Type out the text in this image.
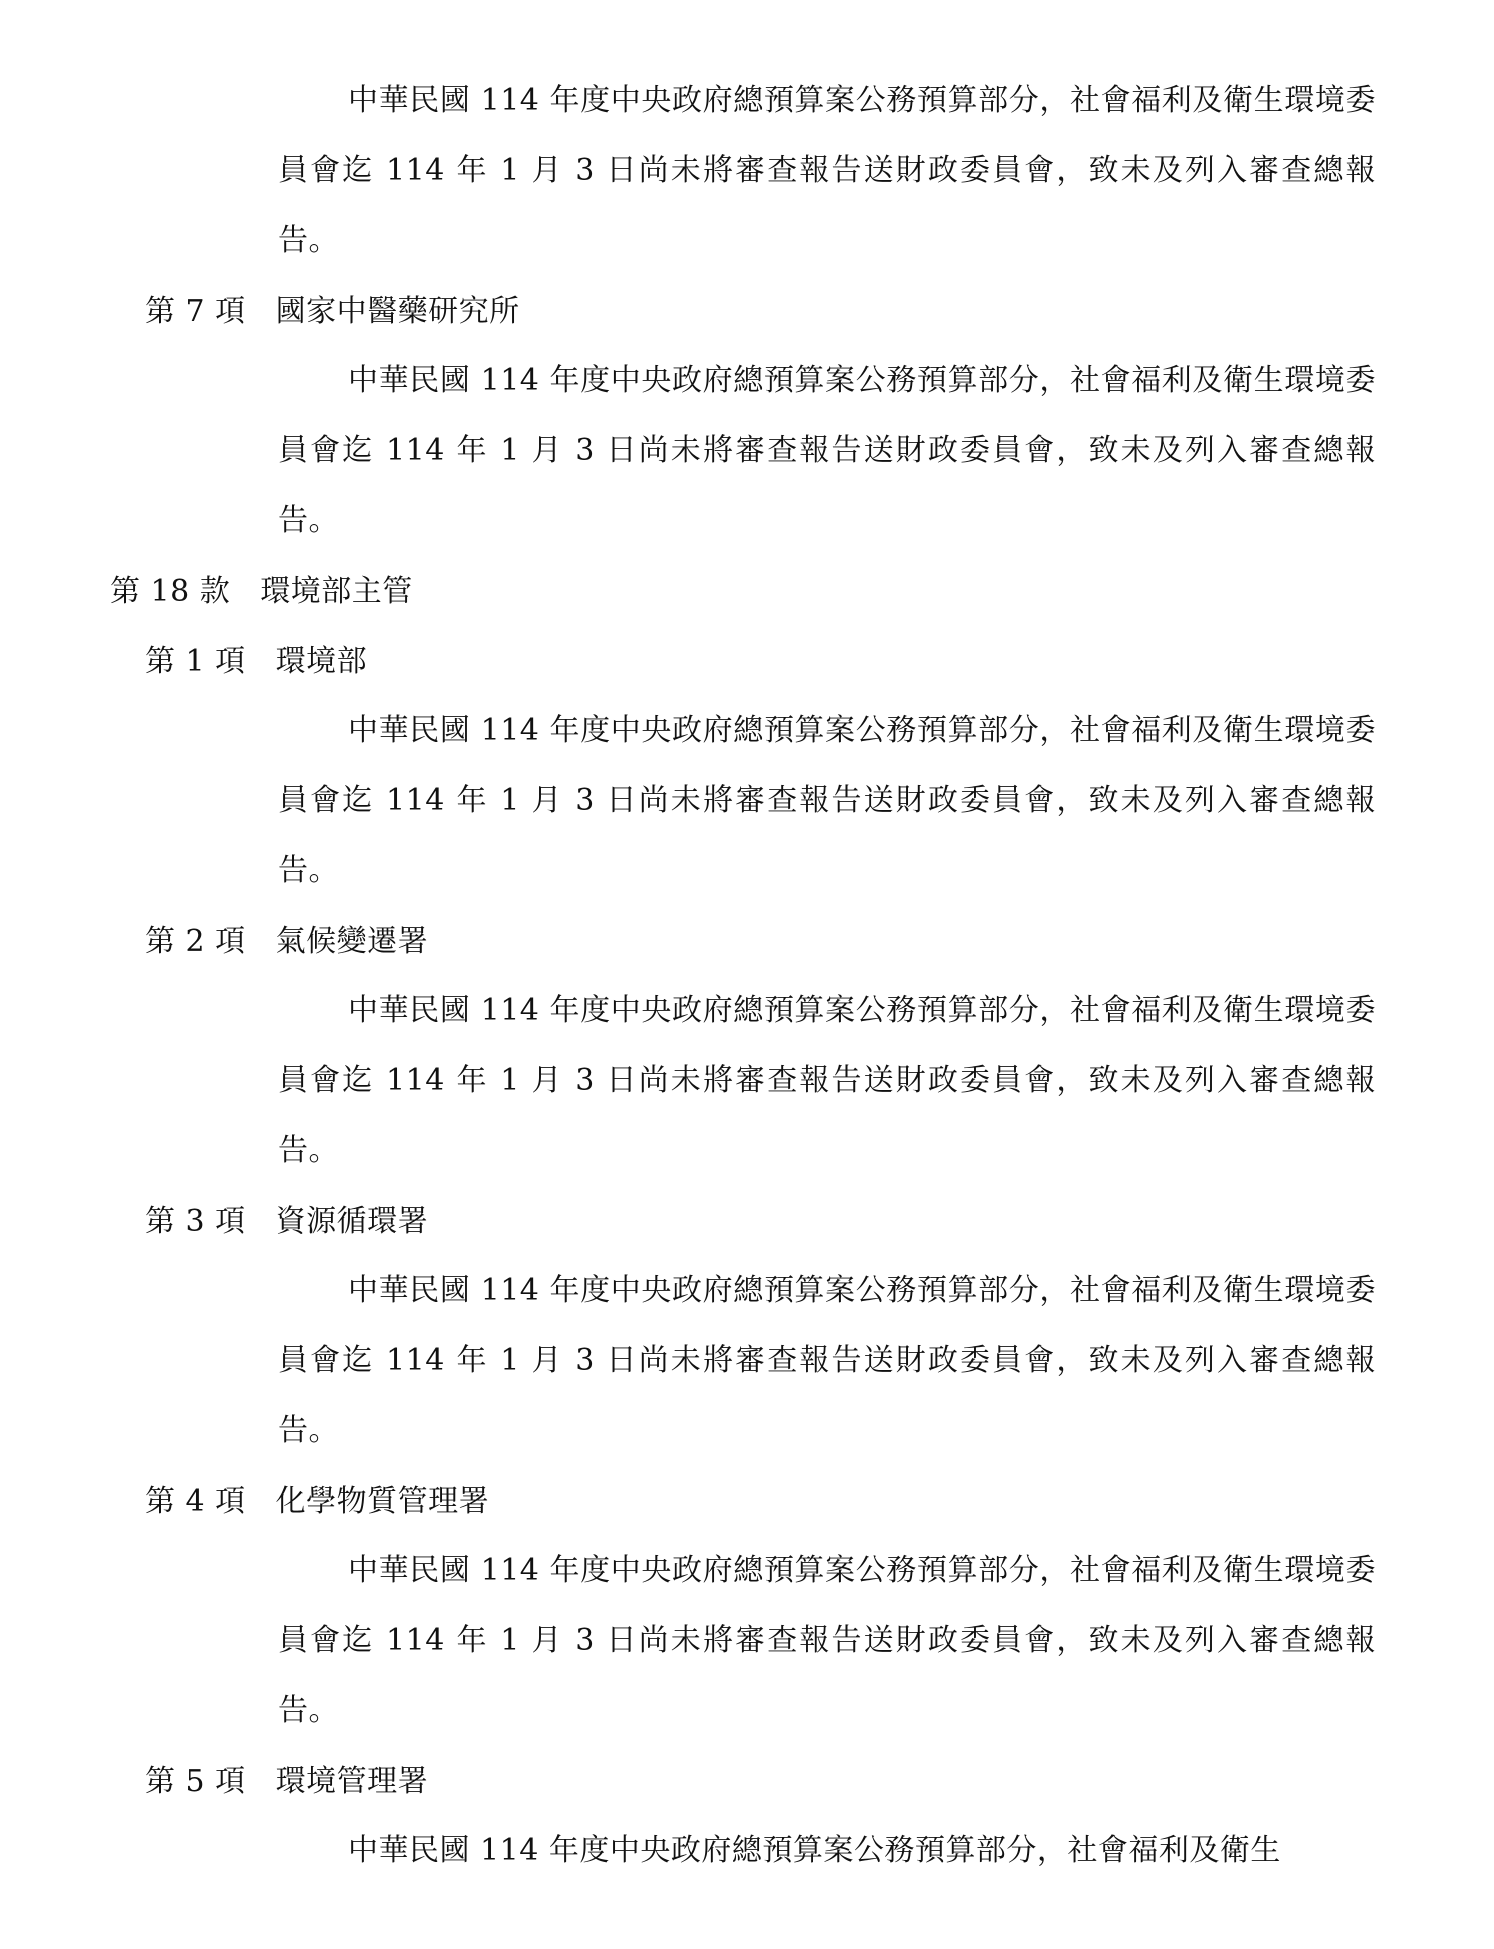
中華民國 114 年度中央政府總預算案公務預算部分，社會福利及衛生環境委員會迄 114 年 1 月 3 日尚未將審查報告送財政委員會，致未及列入審查總報告。
第 7 項 國家中醫藥研究所
中華民國 114 年度中央政府總預算案公務預算部分，社會福利及衛生環境委員會迄 114 年 1 月 3 日尚未將審查報告送財政委員會，致未及列入審查總報告。
第 18 款 環境部主管
第 1 項 環境部
中華民國 114 年度中央政府總預算案公務預算部分，社會福利及衛生環境委員會迄 114 年 1 月 3 日尚未將審查報告送財政委員會，致未及列入審查總報告。
第 2 項 氣候變遷署
中華民國 114 年度中央政府總預算案公務預算部分，社會福利及衛生環境委員會迄 114 年 1 月 3 日尚未將審查報告送財政委員會，致未及列入審查總報告。
第 3 項 資源循環署
中華民國 114 年度中央政府總預算案公務預算部分，社會福利及衛生環境委員會迄 114 年 1 月 3 日尚未將審查報告送財政委員會，致未及列入審查總報告。
第 4 項 化學物質管理署
中華民國 114 年度中央政府總預算案公務預算部分，社會福利及衛生環境委員會迄 114 年 1 月 3 日尚未將審查報告送財政委員會，致未及列入審查總報告。
第 5 項 環境管理署
中華民國 114 年度中央政府總預算案公務預算部分，社會福利及衛生
